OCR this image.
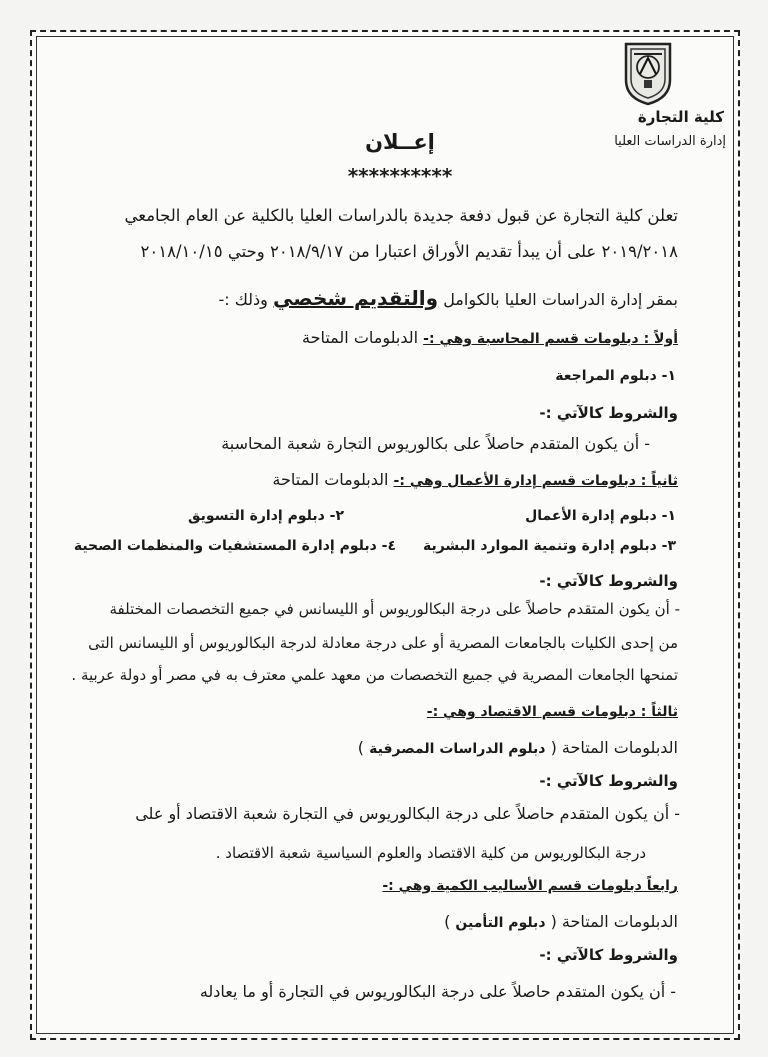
كلية التجارة
إدارة الدراسات العليا
إعــلان
**********
تعلن كلية التجارة عن قبول دفعة جديدة بالدراسات العليا بالكلية عن العام الجامعي
٢٠١٩/٢٠١٨ على أن يبدأ تقديم الأوراق اعتبارا من ٢٠١٨/٩/١٧ وحتي ٢٠١٨/١٠/١٥
بمقر إدارة الدراسات العليا بالكوامل والتقديم شخصي وذلك :-
أولاً : دبلومات قسم المحاسبة وهي :- الدبلومات المتاحة
١- دبلوم المراجعة
والشروط كالآتي :-
- أن يكون المتقدم حاصلاً على بكالوريوس التجارة شعبة المحاسبة
ثانياً : دبلومات قسم إدارة الأعمال وهي :- الدبلومات المتاحة
١- دبلوم إدارة الأعمال
٢- دبلوم إدارة التسويق
٣- دبلوم إدارة وتنمية الموارد البشرية
٤- دبلوم إدارة المستشفيات والمنظمات الصحية
والشروط كالآتي :-
- أن يكون المتقدم حاصلاً على درجة البكالوريوس أو الليسانس في جميع التخصصات المختلفة
من إحدى الكليات بالجامعات المصرية أو على درجة معادلة لدرجة البكالوريوس أو الليسانس التى
تمنحها الجامعات المصرية في جميع التخصصات من معهد علمي معترف به في مصر أو دولة عربية .
ثالثاً : دبلومات قسم الاقتصاد وهي :-
الدبلومات المتاحة ( دبلوم الدراسات المصرفية )
والشروط كالآتي :-
- أن يكون المتقدم حاصلاً على درجة البكالوريوس في التجارة شعبة الاقتصاد أو على
درجة البكالوريوس من كلية الاقتصاد والعلوم السياسية شعبة الاقتصاد .
رابعاً دبلومات قسم الأساليب الكمية وهي :-
الدبلومات المتاحة ( دبلوم التأمين )
والشروط كالآتي :-
- أن يكون المتقدم حاصلاً على درجة البكالوريوس في التجارة أو ما يعادله
